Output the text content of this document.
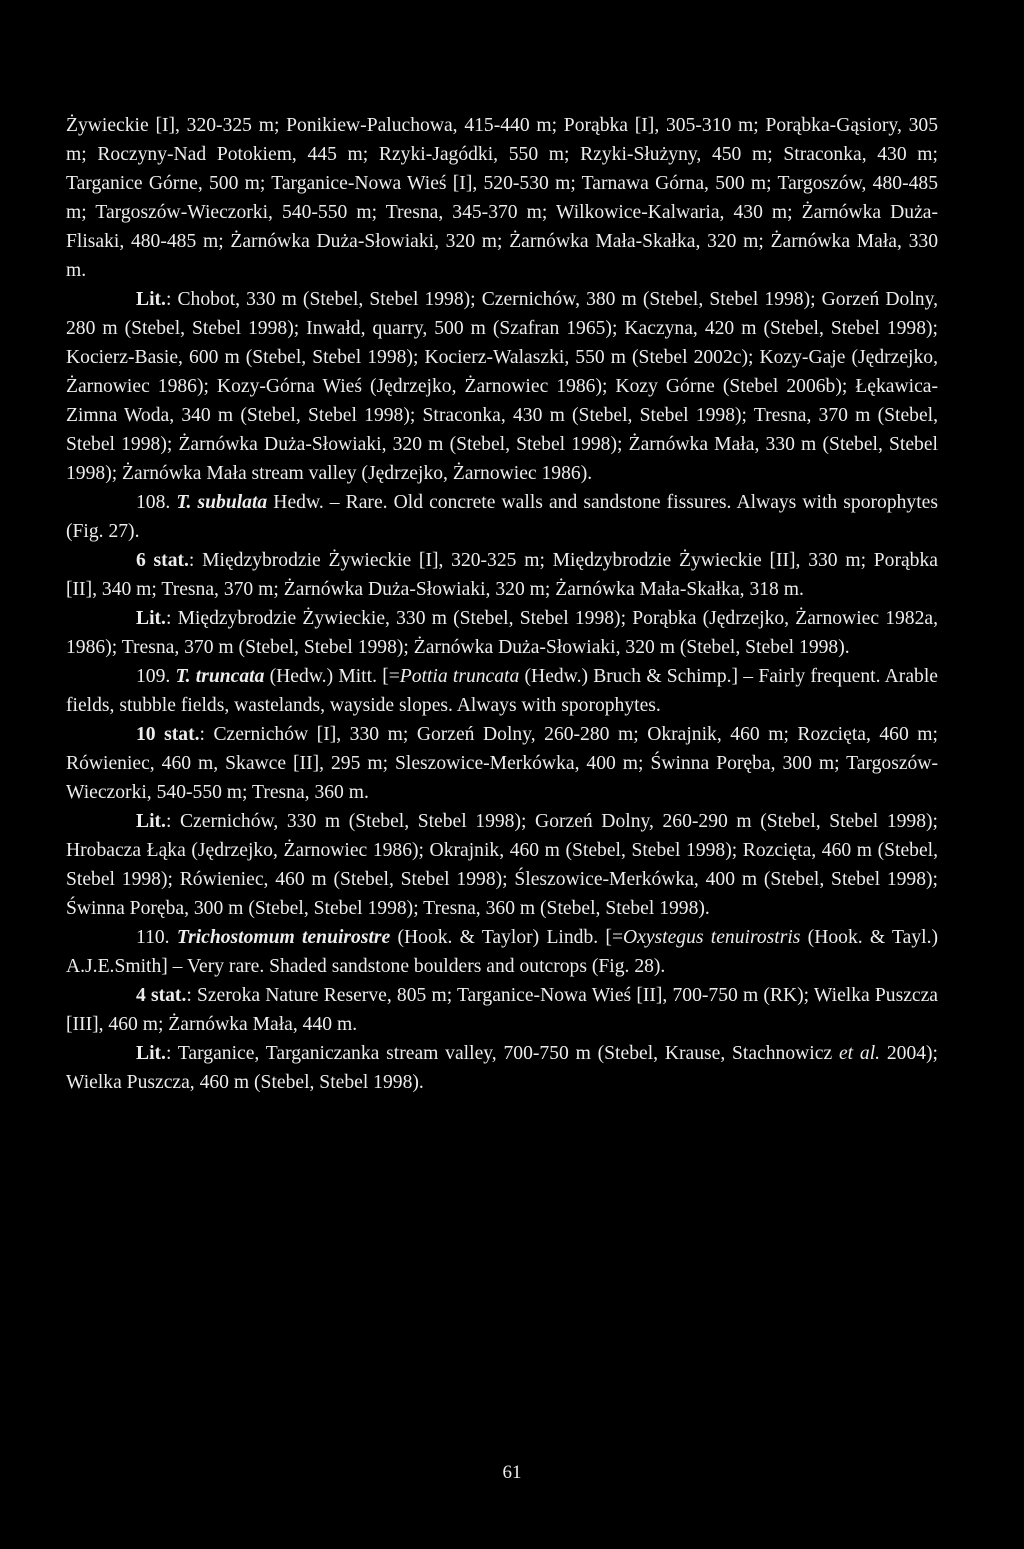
Żywieckie [I], 320-325 m; Ponikiew-Paluchowa, 415-440 m; Porąbka [I], 305-310 m; Porąbka-Gąsiory, 305 m; Roczyny-Nad Potokiem, 445 m; Rzyki-Jagódki, 550 m; Rzyki-Służyny, 450 m; Straconka, 430 m; Targanice Górne, 500 m; Targanice-Nowa Wieś [I], 520-530 m; Tarnawa Górna, 500 m; Targoszów, 480-485 m; Targoszów-Wieczorki, 540-550 m; Tresna, 345-370 m; Wilkowice-Kalwaria, 430 m; Żarnówka Duża-Flisaki, 480-485 m; Żarnówka Duża-Słowiaki, 320 m; Żarnówka Mała-Skałka, 320 m; Żarnówka Mała, 330 m.

Lit.: Chobot, 330 m (Stebel, Stebel 1998); Czernichów, 380 m (Stebel, Stebel 1998); Gorzeń Dolny, 280 m (Stebel, Stebel 1998); Inwałd, quarry, 500 m (Szafran 1965); Kaczyna, 420 m (Stebel, Stebel 1998); Kocierz-Basie, 600 m (Stebel, Stebel 1998); Kocierz-Walaszki, 550 m (Stebel 2002c); Kozy-Gaje (Jędrzejko, Żarnowiec 1986); Kozy-Górna Wieś (Jędrzejko, Żarnowiec 1986); Kozy Górne (Stebel 2006b); Łękawica-Zimna Woda, 340 m (Stebel, Stebel 1998); Straconka, 430 m (Stebel, Stebel 1998); Tresna, 370 m (Stebel, Stebel 1998); Żarnówka Duża-Słowiaki, 320 m (Stebel, Stebel 1998); Żarnówka Mała, 330 m (Stebel, Stebel 1998); Żarnówka Mała stream valley (Jędrzejko, Żarnowiec 1986).

108. T. subulata Hedw. – Rare. Old concrete walls and sandstone fissures. Always with sporophytes (Fig. 27).

6 stat.: Międzybrodzie Żywieckie [I], 320-325 m; Międzybrodzie Żywieckie [II], 330 m; Porąbka [II], 340 m; Tresna, 370 m; Żarnówka Duża-Słowiaki, 320 m; Żarnówka Mała-Skałka, 318 m.

Lit.: Międzybrodzie Żywieckie, 330 m (Stebel, Stebel 1998); Porąbka (Jędrzejko, Żarnowiec 1982a, 1986); Tresna, 370 m (Stebel, Stebel 1998); Żarnówka Duża-Słowiaki, 320 m (Stebel, Stebel 1998).

109. T. truncata (Hedw.) Mitt. [=Pottia truncata (Hedw.) Bruch & Schimp.] – Fairly frequent. Arable fields, stubble fields, wastelands, wayside slopes. Always with sporophytes.

10 stat.: Czernichów [I], 330 m; Gorzeń Dolny, 260-280 m; Okrajnik, 460 m; Rozcięta, 460 m; Rówieniec, 460 m, Skawce [II], 295 m; Sleszowice-Merkówka, 400 m; Świnna Poręba, 300 m; Targoszów-Wieczorki, 540-550 m; Tresna, 360 m.

Lit.: Czernichów, 330 m (Stebel, Stebel 1998); Gorzeń Dolny, 260-290 m (Stebel, Stebel 1998); Hrobacza Łąka (Jędrzejko, Żarnowiec 1986); Okrajnik, 460 m (Stebel, Stebel 1998); Rozcięta, 460 m (Stebel, Stebel 1998); Rówieniec, 460 m (Stebel, Stebel 1998); Śleszowice-Merkówka, 400 m (Stebel, Stebel 1998); Świnna Poręba, 300 m (Stebel, Stebel 1998); Tresna, 360 m (Stebel, Stebel 1998).

110. Trichostomum tenuirostre (Hook. & Taylor) Lindb. [=Oxystegus tenuirostris (Hook. & Tayl.) A.J.E.Smith] – Very rare. Shaded sandstone boulders and outcrops (Fig. 28).

4 stat.: Szeroka Nature Reserve, 805 m; Targanice-Nowa Wieś [II], 700-750 m (RK); Wielka Puszcza [III], 460 m; Żarnówka Mała, 440 m.

Lit.: Targanice, Targaniczanka stream valley, 700-750 m (Stebel, Krause, Stachnowicz et al. 2004); Wielka Puszcza, 460 m (Stebel, Stebel 1998).

61
